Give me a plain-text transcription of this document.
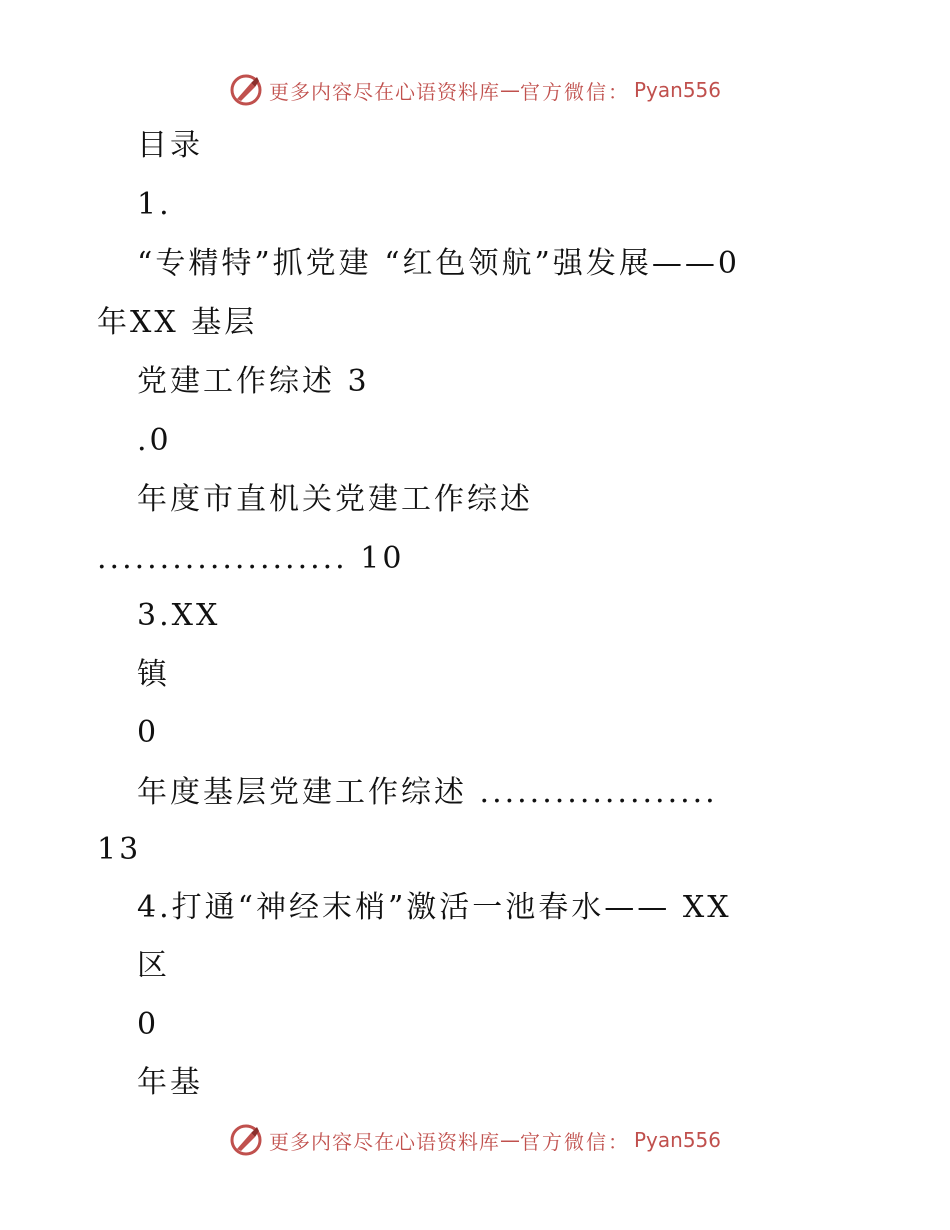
更多内容尽在心语资料库 — 官方微信： Pyan556
目录
1.
“专精特”抓党建 “红色领航”强发展——0
年XX 基层
党建工作综述 3
.0
年度市直机关党建工作综述
.................... 10
3.XX
镇
0
年度基层党建工作综述 ...................
13
4.打通“神经末梢”激活一池春水—— XX
区
0
年基
更多内容尽在心语资料库 — 官方微信： Pyan556
